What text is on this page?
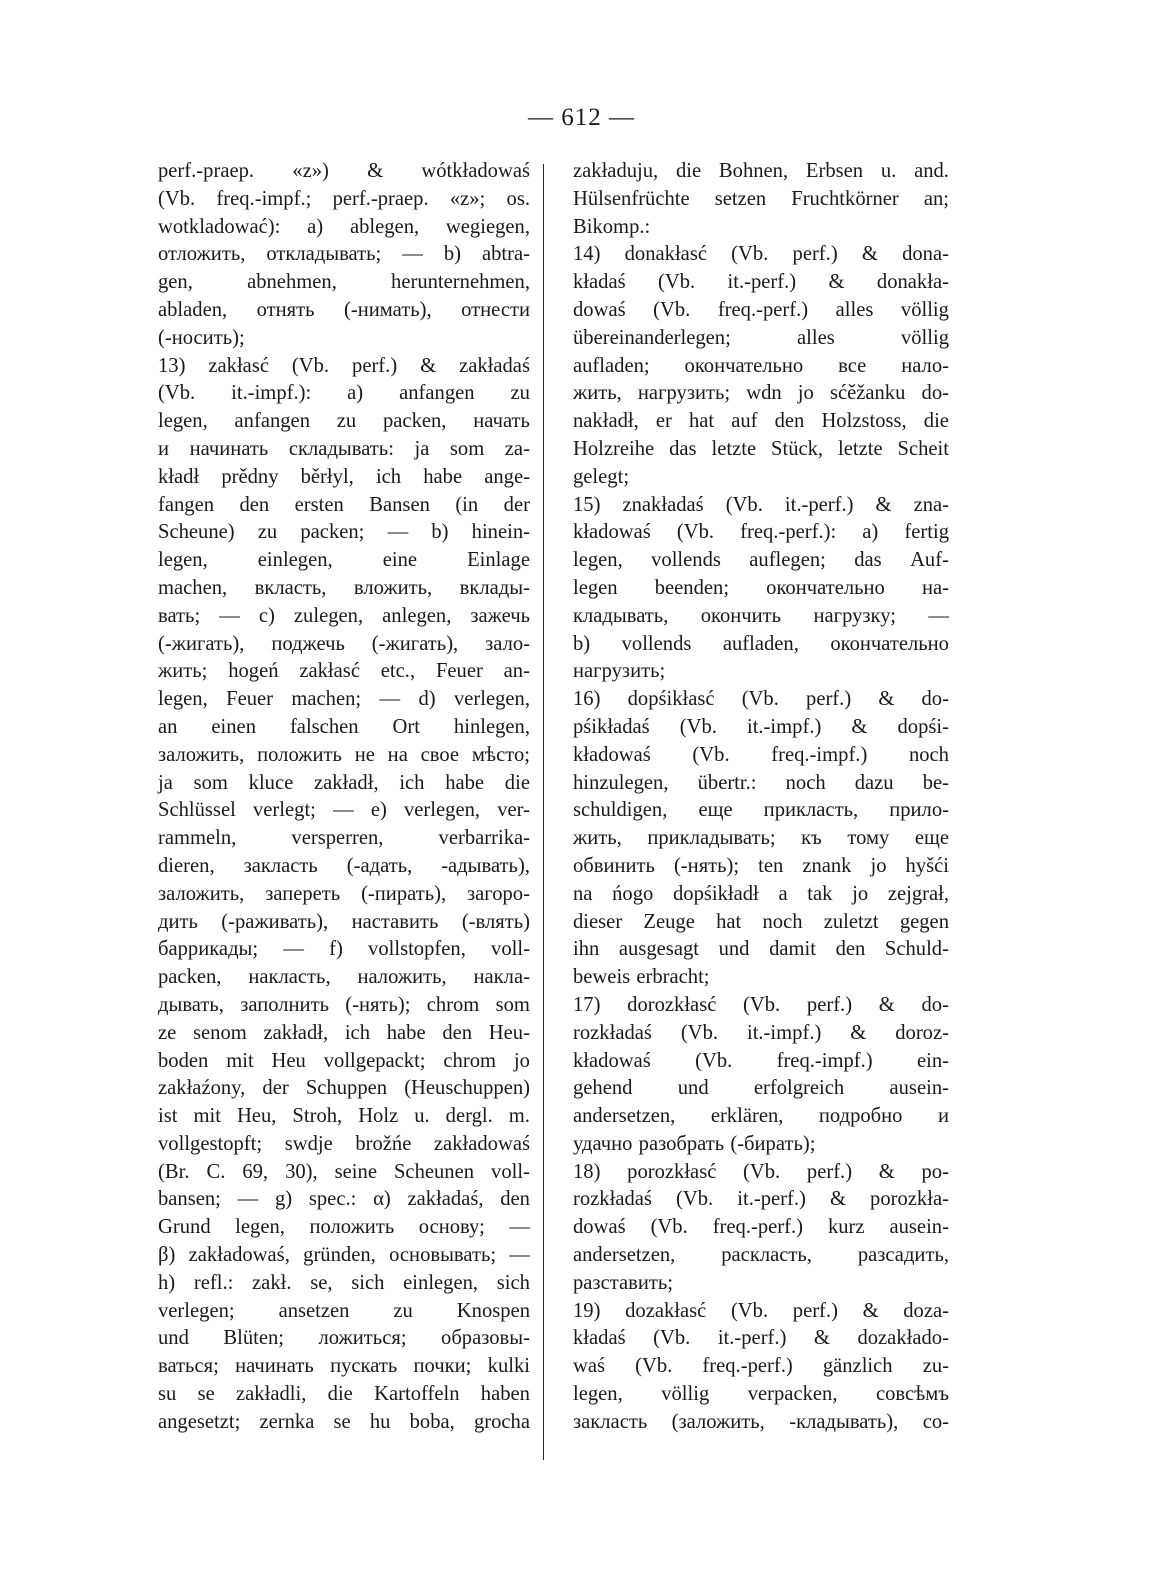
— 612 —
perf.-praep. «z») & wótkładowaś
(Vb. freq.-impf.; perf.-praep. «z»; os.
wotkladować): a) ablegen, wegiegen,
отложить, откладывать; — b) abtra-
gen,	abnehmen,	herunternehmen,
abladen, отнять (-нимать), отнести
(-носить);
13) zakłasć (Vb. perf.) & zakładaś
(Vb. it.-impf.): a) anfangen zu
legen, anfangen zu packen, начать
и начинать складывать: ja som za-
kładł prědny běrłyl, ich habe ange-
fangen den ersten Bansen (in der
Scheune) zu packen; — b) hinein-
legen, einlegen, eine Einlage
machen, вкласть, вложить, вклады-
вать; — c) zulegen, anlegen, зажечь
(-жигать), поджечь (-жигать), зало-
жить; hogeń zakłasć etc., Feuer an-
legen, Feuer machen; — d) verlegen,
an einen falschen Ort hinlegen,
заложить, положить не на свое мѣсто;
ja som kluce zakładł, ich habe die
Schlüssel verlegt; — e) verlegen, ver-
rammeln,	versperren,	verbarrika-
dieren, закласть (-адать, -адывать),
заложить, запереть (-пирать), загоро-
дить (-раживать), наставить (-влять)
баррикады; — f) vollstopfen, voll-
packen, накласть, наложить, накла-
дывать, заполнить (-нять); chrom som
ze senom zakładł, ich habe den Heu-
boden mit Heu vollgepackt; chrom jo
zakłaźony, der Schuppen (Heuschuppen)
ist mit Heu, Stroh, Holz u. dergl. m.
vollgestopft; swdje brožńe zakładowaś
(Br. C. 69, 30), seine Scheunen voll-
bansen; — g) spec.: α) zakładaś, den
Grund legen, положить основу; —
β) zakładowaś, gründen, основывать; —
h) refl.: zakł. se, sich einlegen, sich
verlegen; ansetzen zu Knospen
und Blüten; ложиться; образовы-
ваться; начинать пускать почки; kulki
su se zakładli, die Kartoffeln haben
angesetzt; zernka se hu boba, grocha
zakładuju, die Bohnen, Erbsen u. and.
Hülsenfrüchte setzen Fruchtkörner an;
Bikomp.:
14) donakłasć (Vb. perf.) & dona-
kładaś (Vb. it.-perf.) & donakła-
dowaś (Vb. freq.-perf.) alles völlig
übereinanderlegen;	alles	völlig
aufladen; окончательно все нало-
жить, нагрузить; wdn jo sćěžanku do-
nakładł, er hat auf den Holzstoss, die
Holzreihe das letzte Stück, letzte Scheit
gelegt;
15) znakładaś (Vb. it.-perf.) & zna-
kładowaś (Vb. freq.-perf.): a) fertig
legen, vollends auflegen; das Auf-
legen beenden; окончательно на-
кладывать, окончить нагрузку; —
b) vollends aufladen, окончательно
нагрузить;
16) dopśikłasć (Vb. perf.) & do-
pśikładaś (Vb. it.-impf.) & dopśi-
kładowaś (Vb. freq.-impf.) noch
hinzulegen, übertr.: noch dazu be-
schuldigen, еще прикласть, прило-
жить, прикладывать; къ тому еще
обвинить (-нять); ten znank jo hyšći
na ńogo dopśikładł a tak jo zejgrał,
dieser Zeuge hat noch zuletzt gegen
ihn ausgesagt und damit den Schuld-
beweis erbracht;
17) dorozkłasć (Vb. perf.) & do-
rozkładaś (Vb. it.-impf.) & doroz-
kładowaś (Vb. freq.-impf.) ein-
gehend und erfolgreich ausein-
andersetzen, erklären, подробно и
удачно разобрать (-бирать);
18) porozkłasć (Vb. perf.) & po-
rozkładaś (Vb. it.-perf.) & porozkła-
dowaś (Vb. freq.-perf.) kurz ausein-
andersetzen, расклaсть, разсадить,
разставить;
19) dozakłasć (Vb. perf.) & doza-
kładaś (Vb. it.-perf.) & dozakłado-
waś (Vb. freq.-perf.) gänzlich zu-
legen, völlig verpacken, совсѣмъ
закласть (заложить, -кладывать), со-
